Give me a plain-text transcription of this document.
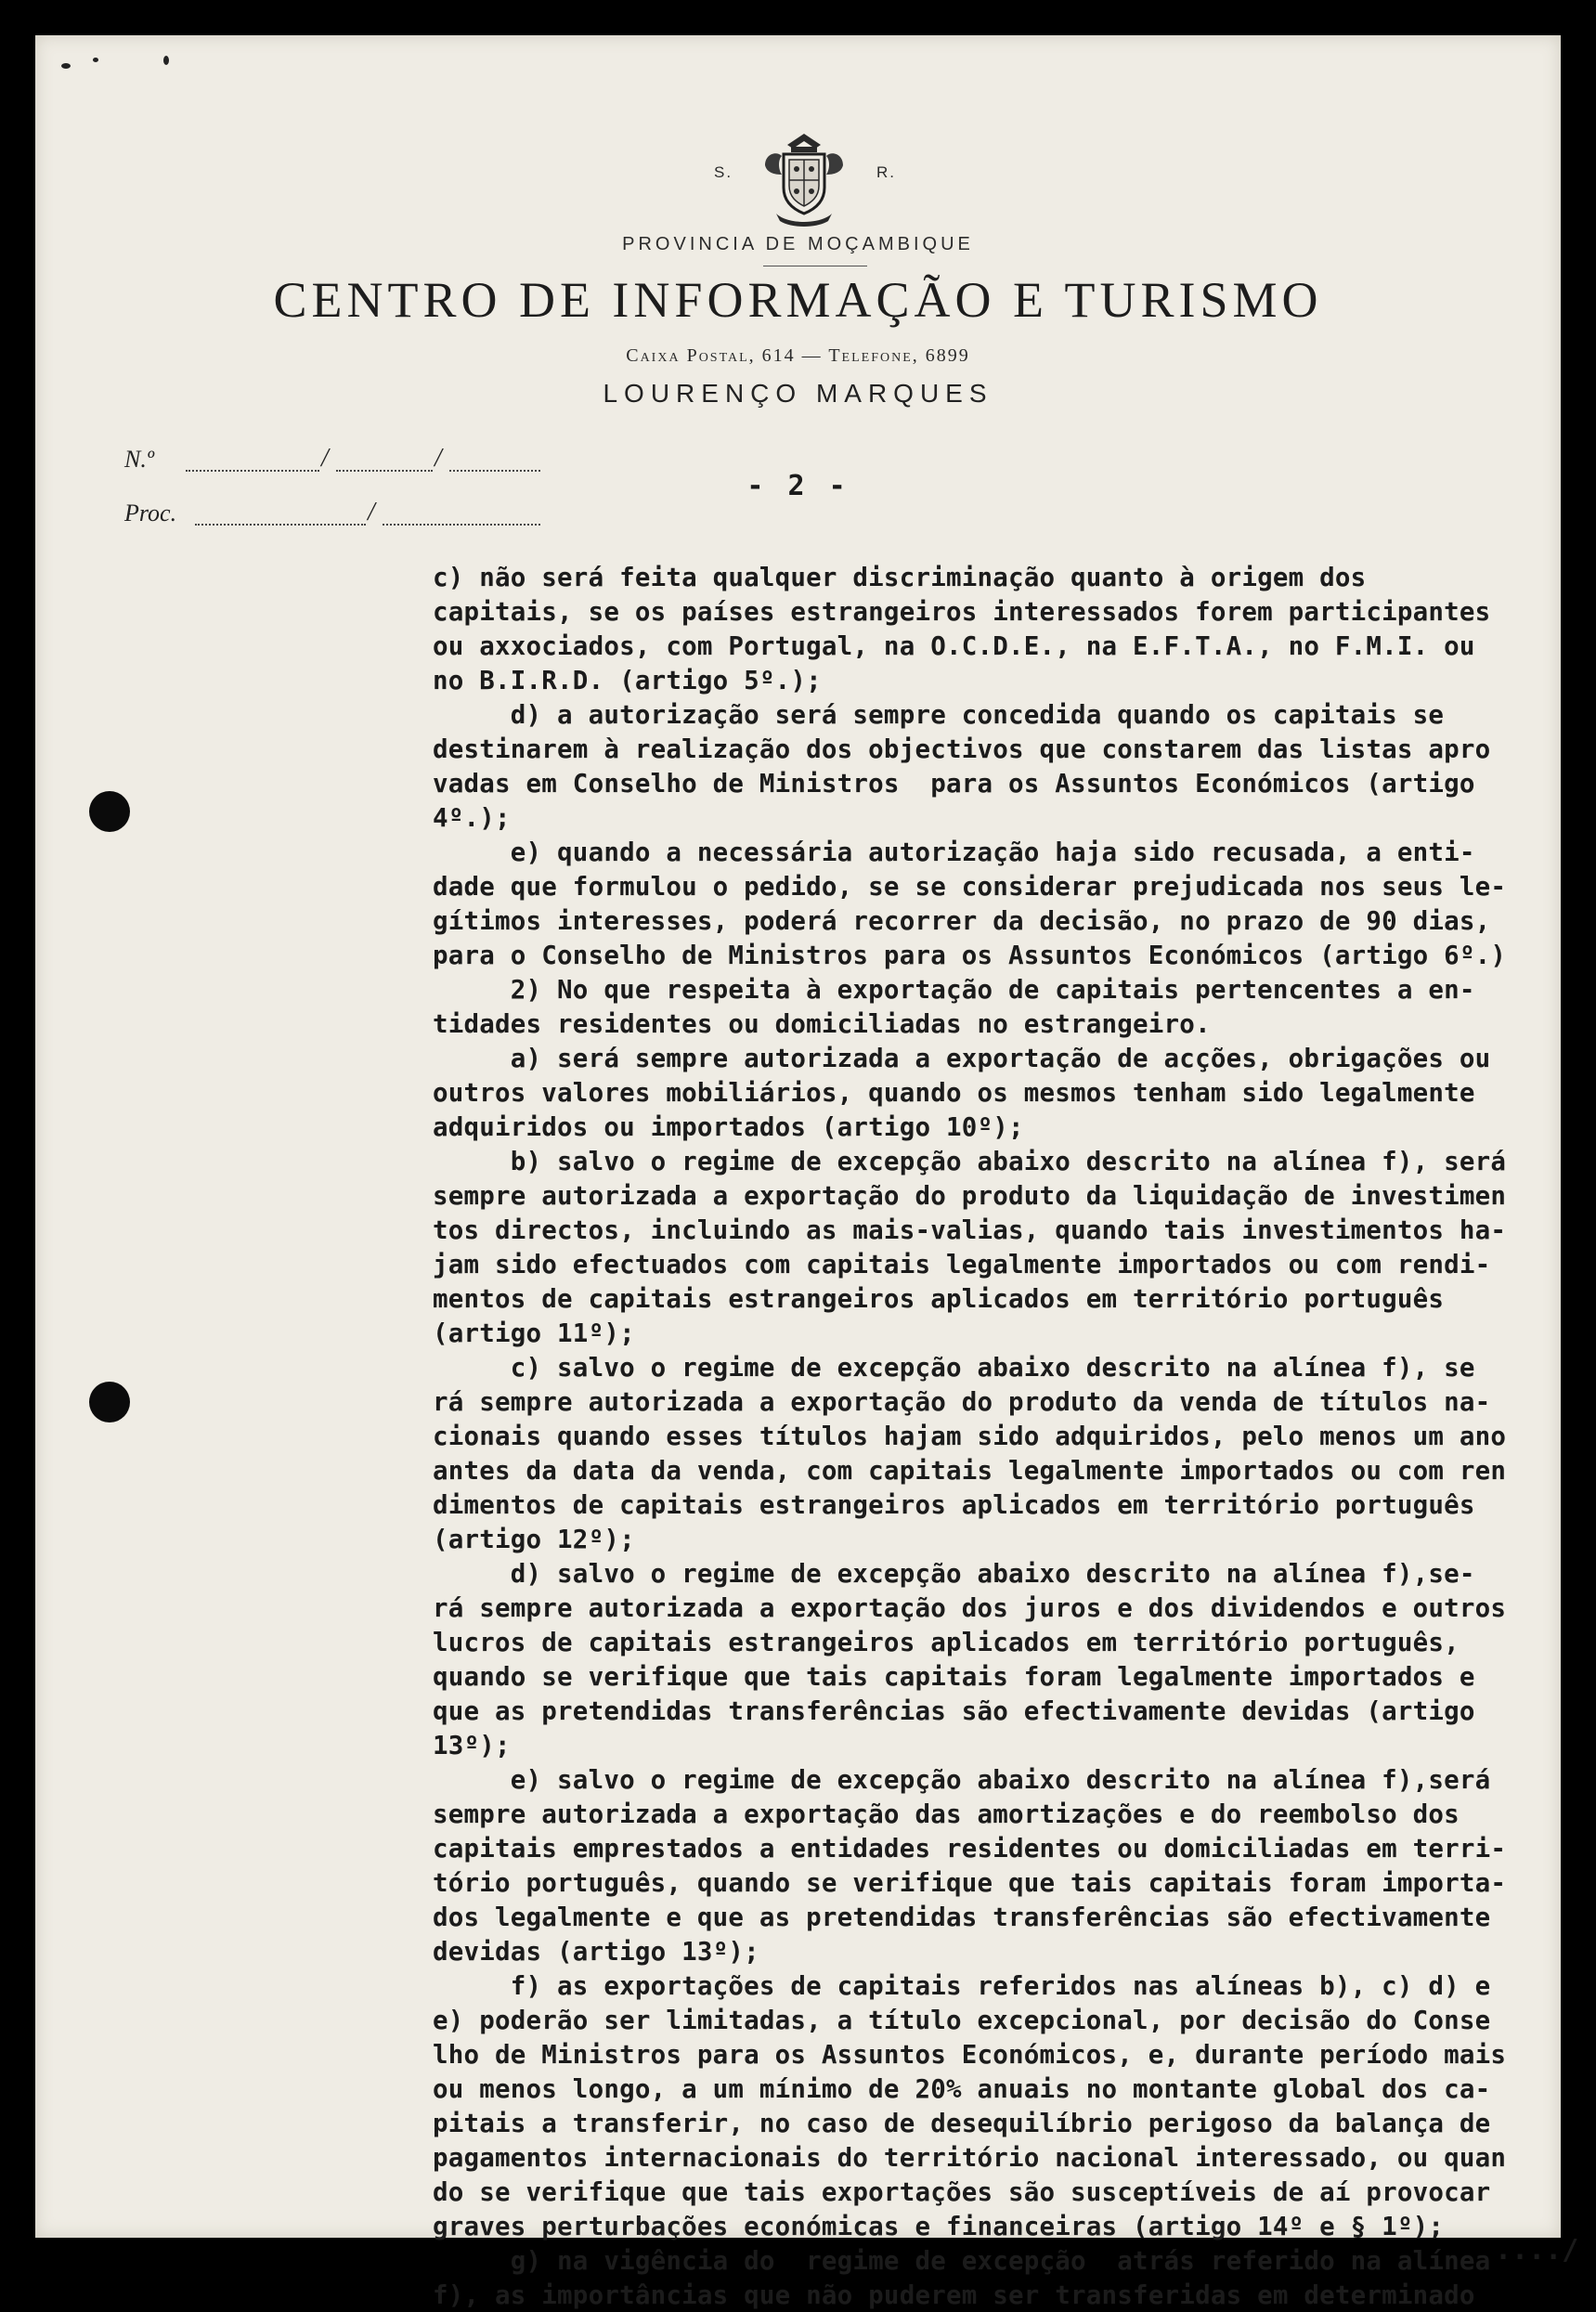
S.	R.
PROVINCIA DE MOÇAMBIQUE
CENTRO DE INFORMAÇÃO E TURISMO
Caixa Postal, 614 — Telefone, 6899
LOURENÇO MARQUES
N.º	/	/
Proc.	/
- 2 -
c) não será feita qualquer discriminação quanto à origem dos
capitais, se os países estrangeiros interessados forem participantes
ou axxociados, com Portugal, na O.C.D.E., na E.F.T.A., no F.M.I. ou
no B.I.R.D. (artigo 5º.);
d) a autorização será sempre concedida quando os capitais se
destinarem à realização dos objectivos que constarem das listas apro
vadas em Conselho de Ministros  para os Assuntos Económicos (artigo
4º.);
e) quando a necessária autorização haja sido recusada, a enti-
dade que formulou o pedido, se se considerar prejudicada nos seus le-
gítimos interesses, poderá recorrer da decisão, no prazo de 90 dias,
para o Conselho de Ministros para os Assuntos Económicos (artigo 6º.)
2) No que respeita à exportação de capitais pertencentes a en-
tidades residentes ou domiciliadas no estrangeiro.
a) será sempre autorizada a exportação de acções, obrigações ou
outros valores mobiliários, quando os mesmos tenham sido legalmente
adquiridos ou importados (artigo 10º);
b) salvo o regime de excepção abaixo descrito na alínea f), será
sempre autorizada a exportação do produto da liquidação de investimen
tos directos, incluindo as mais-valias, quando tais investimentos ha-
jam sido efectuados com capitais legalmente importados ou com rendi-
mentos de capitais estrangeiros aplicados em território português
(artigo 11º);
c) salvo o regime de excepção abaixo descrito na alínea f), se
rá sempre autorizada a exportação do produto da venda de títulos na-
cionais quando esses títulos hajam sido adquiridos, pelo menos um ano
antes da data da venda, com capitais legalmente importados ou com ren
dimentos de capitais estrangeiros aplicados em território português
(artigo 12º);
d) salvo o regime de excepção abaixo descrito na alínea f),se-
rá sempre autorizada a exportação dos juros e dos dividendos e outros
lucros de capitais estrangeiros aplicados em território português,
quando se verifique que tais capitais foram legalmente importados e
que as pretendidas transferências são efectivamente devidas (artigo
13º);
e) salvo o regime de excepção abaixo descrito na alínea f),será
sempre autorizada a exportação das amortizações e do reembolso dos
capitais emprestados a entidades residentes ou domiciliadas em terri-
tório português, quando se verifique que tais capitais foram importa-
dos legalmente e que as pretendidas transferências são efectivamente
devidas (artigo 13º);
f) as exportações de capitais referidos nas alíneas b), c) d) e
e) poderão ser limitadas, a título excepcional, por decisão do Conse
lho de Ministros para os Assuntos Económicos, e, durante período mais
ou menos longo, a um mínimo de 20% anuais no montante global dos ca-
pitais a transferir, no caso de desequilíbrio perigoso da balança de
pagamentos internacionais do território nacional interessado, ou quan
do se verifique que tais exportações são susceptíveis de aí provocar
graves perturbações económicas e financeiras (artigo 14º e § 1º);
g) na vigência do  regime de excepção  atrás referido na alínea
f), as importâncias que não puderem ser transferidas em determinado
..../
